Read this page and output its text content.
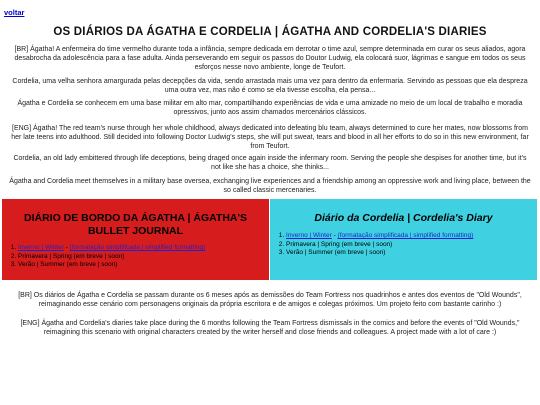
voltar
OS DIÁRIOS DA ÁGATHA E CORDELIA | ÁGATHA AND CORDELIA'S DIARIES
[BR] Ágatha! A enfermeira do time vermelho durante toda a infância, sempre dedicada em derrotar o time azul, sempre determinada em curar os seus aliados, agora desabrocha da adolescência para a fase adulta. Ainda perseverando em seguir os passos do Doutor Ludwig, ela colocará suor, lágrimas e sangue em todos os seus esforços nesse novo ambiente, longe de Teufort.
Cordelia, uma velha senhora amargurada pelas decepções da vida, sendo arrastada mais uma vez para dentro da enfermaria. Servindo as pessoas que ela despreza uma outra vez, mas não é como se ela tivesse escolha, ela pensa...
Ágatha e Cordelia se conhecem em uma base militar em alto mar, compartilhando experiências de vida e uma amizade no meio de um local de trabalho e moradia opressivos, junto aos assim chamados mercenários clássicos.
[ENG] Ágatha! The red team's nurse through her whole childhood, always dedicated into defeating blu team, always determined to cure her mates, now blossoms from her late teens into adulthood. Still decided into following Doctor Ludwig's steps, she will put sweat, tears and blood in all her efforts to do so in this new environment, far from Teufort.
Cordelia, an old lady embittered through life deceptions, being draged once again inside the infermary room. Serving the people she despises for another time, but it's not like she has a choice, she thinks...
Ágatha and Cordelia meet themselves in a military base oversea, exchanging live experiences and a friendship among an oppressive work and living place, between the so called classic mercenaries.
DIÁRIO DE BORDO DA ÁGATHA | ÁGATHA'S BULLET JOURNAL
1. Inverno | Winter - (formatação simplificada | simplified formatting)
2. Primavera | Spring (em breve | soon)
3. Verão | Summer (em breve | soon)
Diário da Cordelia | Cordelia's Diary
1. Inverno | Winter - (formatação simplificada | simplified formatting)
2. Primavera | Spring (em breve | soon)
3. Verão | Summer (em breve | soon)
[BR] Os diários de Ágatha e Cordelia se passam durante os 6 meses após as demissões do Team Fortress nos quadrinhos e antes dos eventos de "Old Wounds", reimaginando esse cenário com personagens originais da própria escritora e de amigos e colegas próximos. Um projeto feito com bastante carinho :)
[ENG] Ágatha and Cordelia's diaries take place during the 6 months following the Team Fortress dismissals in the comics and before the events of "Old Wounds," reimagining this scenario with original characters created by the writer herself and close friends and colleagues. A project made with a lot of care :)
